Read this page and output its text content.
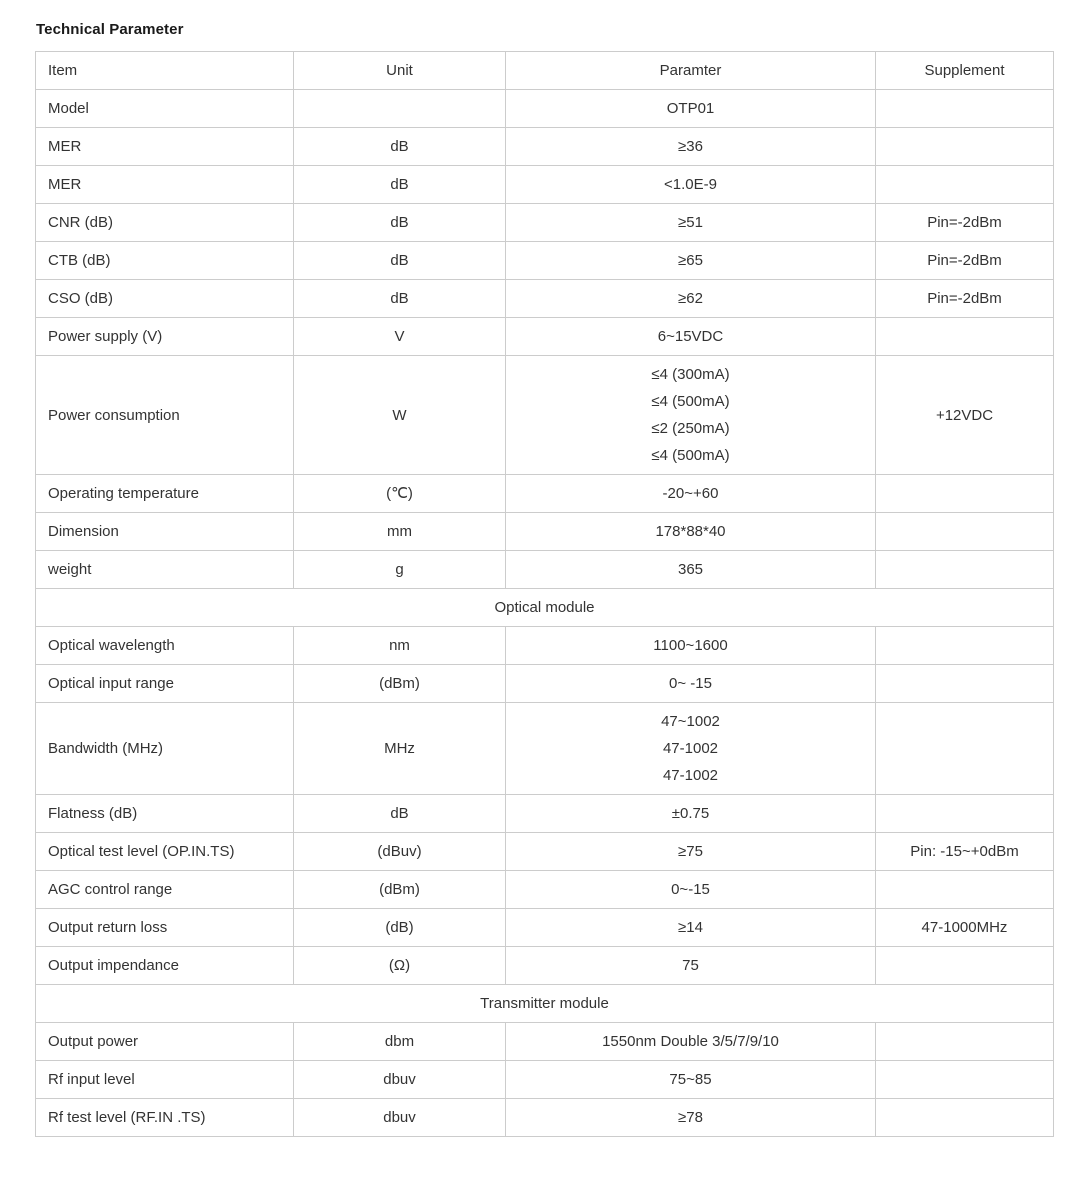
Technical Parameter
Item	Unit	Paramter	Supplement
Model		OTP01	

MER	dB	≥36	

MER	dB	<1.0E-9	

CNR (dB)	dB	≥51	Pin=-2dBm
CTB (dB)	dB	≥65	Pin=-2dBm
CSO (dB)	dB	≥62	Pin=-2dBm
Power supply (V)	V	6~15VDC	

Power consumption	W	≤4 (300mA)
≤4 (500mA)
≤2 (250mA)
≤4 (500mA)	+12VDC
Operating temperature	(℃)	-20~+60	

Dimension	mm	178*88*40	

weight	g	365	

Optical module			
Optical wavelength	nm	1100~1600	

Optical input range	(dBm)	0~ -15	

Bandwidth (MHz)	MHz	47~1002
47-1002
47-1002	

Flatness (dB)	dB	±0.75	

Optical test level (OP.IN.TS)	(dBuv)	≥75	Pin: -15~+0dBm
AGC control range	(dBm)	0~-15	

Output return loss	(dB)	≥14	47-1000MHz
Output impendance	(Ω)	75	

Transmitter module			
Output power	dbm	1550nm Double 3/5/7/9/10	

Rf input level	dbuv	75~85	

Rf test level (RF.IN .TS)	dbuv	≥78	
